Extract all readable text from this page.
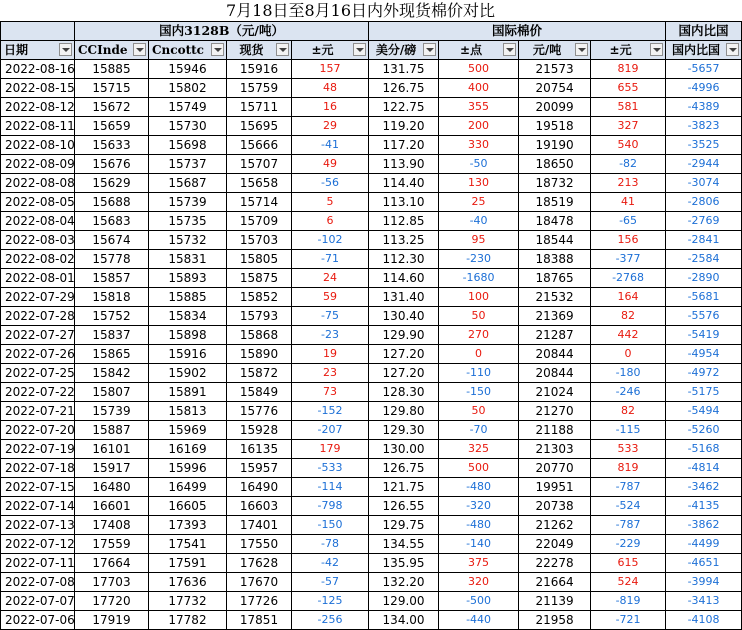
7月18日至8月16日内外现货棉价对比
	国内3128B（元/吨）				国际棉价				国内比国
日期	CCInde	Cncottc	现货	±元	美分/磅	±点	元/吨	±元	国内比国

2022-08-16	15885	15946	15916	157	131.75	500	21573	819	-5657
2022-08-15	15715	15802	15759	48	126.75	400	20754	655	-4996
2022-08-12	15672	15749	15711	16	122.75	355	20099	581	-4389
2022-08-11	15659	15730	15695	29	119.20	200	19518	327	-3823
2022-08-10	15633	15698	15666	-41	117.20	330	19190	540	-3525
2022-08-09	15676	15737	15707	49	113.90	-50	18650	-82	-2944
2022-08-08	15629	15687	15658	-56	114.40	130	18732	213	-3074
2022-08-05	15688	15739	15714	5	113.10	25	18519	41	-2806
2022-08-04	15683	15735	15709	6	112.85	-40	18478	-65	-2769
2022-08-03	15674	15732	15703	-102	113.25	95	18544	156	-2841
2022-08-02	15778	15831	15805	-71	112.30	-230	18388	-377	-2584
2022-08-01	15857	15893	15875	24	114.60	-1680	18765	-2768	-2890
2022-07-29	15818	15885	15852	59	131.40	100	21532	164	-5681
2022-07-28	15752	15834	15793	-75	130.40	50	21369	82	-5576
2022-07-27	15837	15898	15868	-23	129.90	270	21287	442	-5419
2022-07-26	15865	15916	15890	19	127.20	0	20844	0	-4954
2022-07-25	15842	15902	15872	23	127.20	-110	20844	-180	-4972
2022-07-22	15807	15891	15849	73	128.30	-150	21024	-246	-5175
2022-07-21	15739	15813	15776	-152	129.80	50	21270	82	-5494
2022-07-20	15887	15969	15928	-207	129.30	-70	21188	-115	-5260
2022-07-19	16101	16169	16135	179	130.00	325	21303	533	-5168
2022-07-18	15917	15996	15957	-533	126.75	500	20770	819	-4814
2022-07-15	16480	16499	16490	-114	121.75	-480	19951	-787	-3462
2022-07-14	16601	16605	16603	-798	126.55	-320	20738	-524	-4135
2022-07-13	17408	17393	17401	-150	129.75	-480	21262	-787	-3862
2022-07-12	17559	17541	17550	-78	134.55	-140	22049	-229	-4499
2022-07-11	17664	17591	17628	-42	135.95	375	22278	615	-4651
2022-07-08	17703	17636	17670	-57	132.20	320	21664	524	-3994
2022-07-07	17720	17732	17726	-125	129.00	-500	21139	-819	-3413
2022-07-06	17919	17782	17851	-256	134.00	-440	21958	-721	-4108
